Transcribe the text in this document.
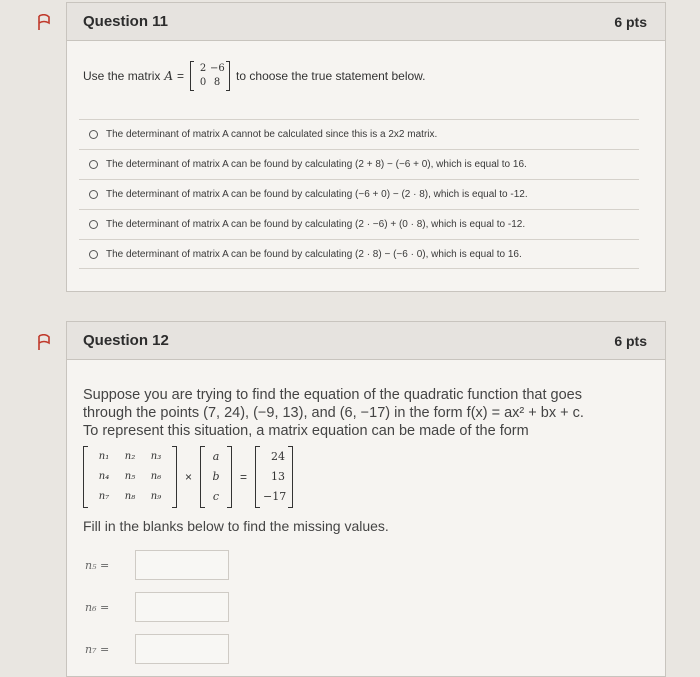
Question 11	6 pts
Use the matrix A =
2 −6
0 8	to choose the true statement below.
The determinant of matrix A cannot be calculated since this is a 2x2 matrix.
The determinant of matrix A can be found by calculating (2 + 8) − (−6 + 0), which is equal to 16.
The determinant of matrix A can be found by calculating (−6 + 0) − (2 · 8), which is equal to -12.
The determinant of matrix A can be found by calculating (2 · −6) + (0 · 8), which is equal to -12.
The determinant of matrix A can be found by calculating (2 · 8) − (−6 · 0), which is equal to 16.
Question 12	6 pts

Suppose you are trying to find the equation of the quadratic function that goes

through the points (7, 24), (−9, 13), and (6, −17) in the form f(x) = ax² + bx + c.

To represent this situation, a matrix equation can be made of the form

n₁	n₂	n₃
n₄	n₅	n₆
n₇	n₈	n₉
×
a
b
c
=
24
13
−17
Fill in the blanks below to find the missing values.
n₅ =
n₆ =
n₇ =
